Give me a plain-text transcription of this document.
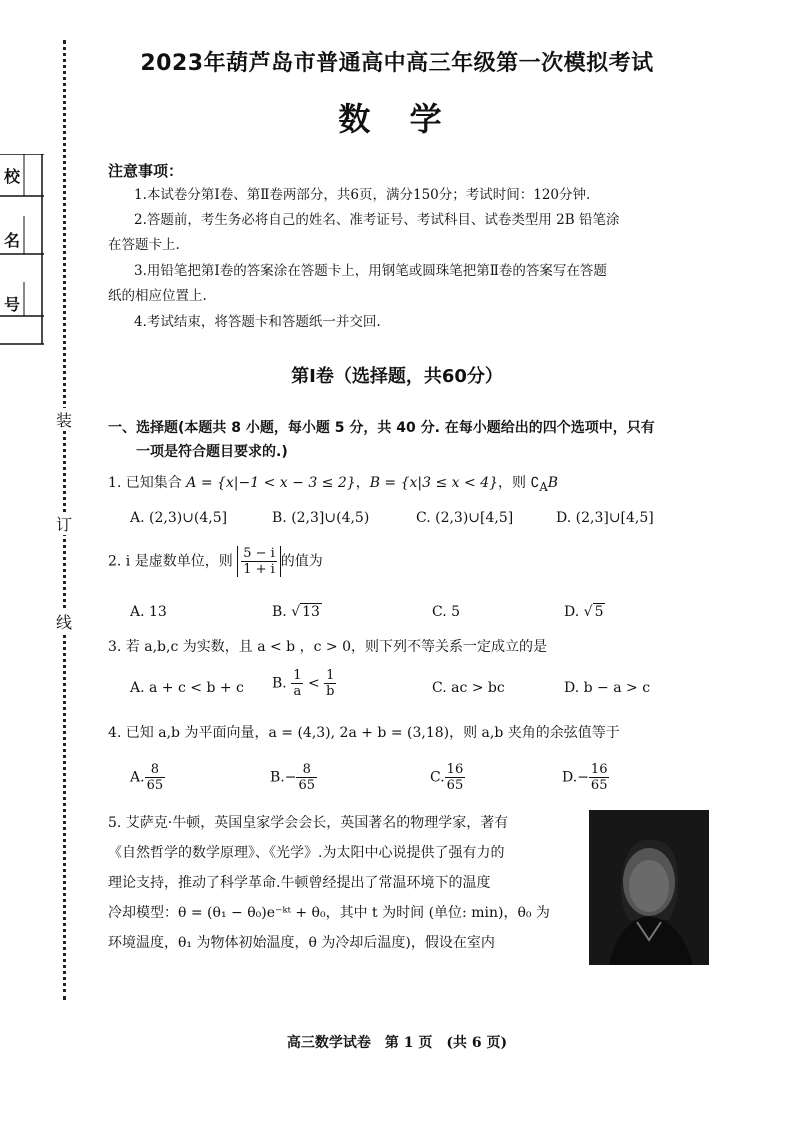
装
订
线
校
名
号
2023年葫芦岛市普通高中高三年级第一次模拟考试
数 学
注意事项：
1.本试卷分第Ⅰ卷、第Ⅱ卷两部分，共6页，满分150分；考试时间：120分钟.
2.答题前，考生务必将自己的姓名、准考证号、考试科目、试卷类型用 2B 铅笔涂
在答题卡上.
3.用铅笔把第Ⅰ卷的答案涂在答题卡上，用钢笔或圆珠笔把第Ⅱ卷的答案写在答题
纸的相应位置上.
4.考试结束，将答题卡和答题纸一并交回.
第Ⅰ卷（选择题，共60分）
一、选择题(本题共 8 小题，每小题 5 分，共 40 分. 在每小题给出的四个选项中，只有
一项是符合题目要求的.)
1. 已知集合 A = {x|−1 < x − 3 ≤ 2}，B = {x|3 ≤ x < 4}，则 $∁_AB$
A. (2,3)∪(4,5]	B. (2,3]∪(4,5)	C. (2,3)∪[4,5]	D. (2,3]∪[4,5]
2. i 是虚数单位，则 $\frac{5 - i}{1 + i}$ 的值为
A. 13	B. √ 13	C. 5	D. √ 5
3. 若 a,b,c 为实数，且 a < b ，c > 0，则下列不等关系一定成立的是
A. a + c < b + c B. $\frac{1}{a} < \frac{1}{b}$	C. ac > bc	D. b − a > c
4. 已知 a,b 为平面向量，a = (4,3), 2a + b = (3,18)，则 a,b 夹角的余弦值等于
A. $\frac{8}{65}$	$B.- \frac{8}{65}$	C. $\frac{16}{65}$	$D.- \frac{16}{65}$
5. 艾萨克·牛顿，英国皇家学会会长，英国著名的物理学家，著有
《自然哲学的数学原理》、《光学》.为太阳中心说提供了强有力的
理论支持，推动了科学革命.牛顿曾经提出了常温环境下的温度
冷却模型：θ = (θ₁ − θ₀)e⁻ᵏᵗ + θ₀，其中 t 为时间 (单位: min)，θ₀ 为
环境温度，θ₁ 为物体初始温度，θ 为冷却后温度)，假设在室内
高三数学试卷　第 1 页　(共 6 页)
